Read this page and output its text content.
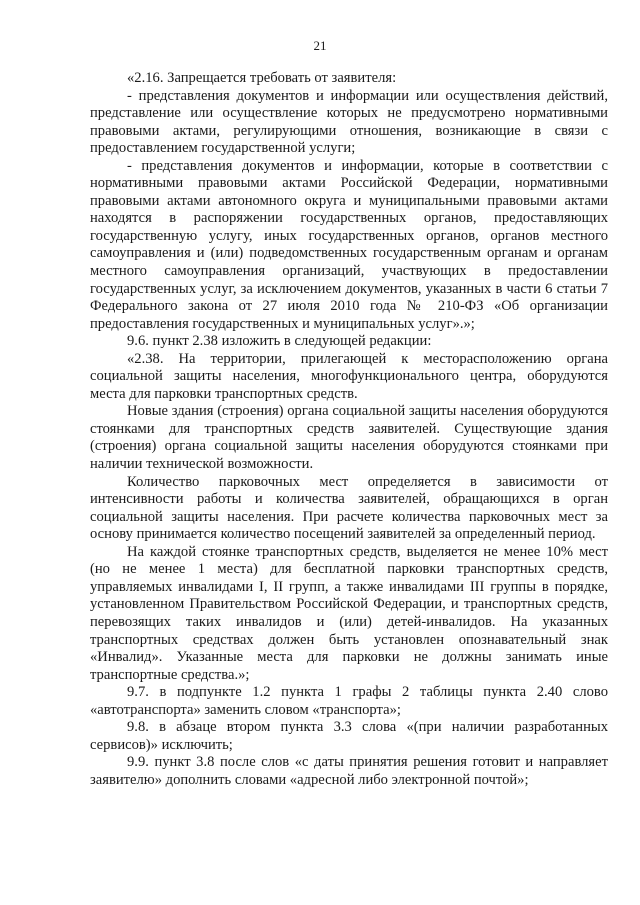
21

«2.16. Запрещается требовать от заявителя:

- представления документов и информации или осуществления действий, представление или осуществление которых не предусмотрено нормативными правовыми актами, регулирующими отношения, возникающие в связи с предоставлением государственной услуги;

- представления документов и информации, которые в соответствии с нормативными правовыми актами Российской Федерации, нормативными правовыми актами автономного округа и муниципальными правовыми актами находятся в распоряжении государственных органов, предоставляющих государственную услугу, иных государственных органов, органов местного самоуправления и (или) подведомственных государственным органам и органам местного самоуправления организаций, участвующих в предоставлении государственных услуг, за исключением документов, указанных в части 6 статьи 7 Федерального закона от 27 июля 2010 года № 210-ФЗ «Об организации предоставления государственных и муниципальных услуг».»;

9.6. пункт 2.38 изложить в следующей редакции:

«2.38. На территории, прилегающей к месторасположению органа социальной защиты населения, многофункционального центра, оборудуются места для парковки транспортных средств.

Новые здания (строения) органа социальной защиты населения оборудуются стоянками для транспортных средств заявителей. Существующие здания (строения) органа социальной защиты населения оборудуются стоянками при наличии технической возможности.

Количество парковочных мест определяется в зависимости от интенсивности работы и количества заявителей, обращающихся в орган социальной защиты населения. При расчете количества парковочных мест за основу принимается количество посещений заявителей за определенный период.

На каждой стоянке транспортных средств, выделяется не менее 10% мест (но не менее 1 места) для бесплатной парковки транспортных средств, управляемых инвалидами I, II групп, а также инвалидами III группы в порядке, установленном Правительством Российской Федерации, и транспортных средств, перевозящих таких инвалидов и (или) детей-инвалидов. На указанных транспортных средствах должен быть установлен опознавательный знак «Инвалид». Указанные места для парковки не должны занимать иные транспортные средства.»;

9.7. в подпункте 1.2 пункта 1 графы 2 таблицы пункта 2.40 слово «автотранспорта» заменить словом «транспорта»;

9.8. в абзаце втором пункта 3.3 слова «(при наличии разработанных сервисов)» исключить;

9.9. пункт 3.8 после слов «с даты принятия решения готовит и направляет заявителю» дополнить словами «адресной либо электронной почтой»;
